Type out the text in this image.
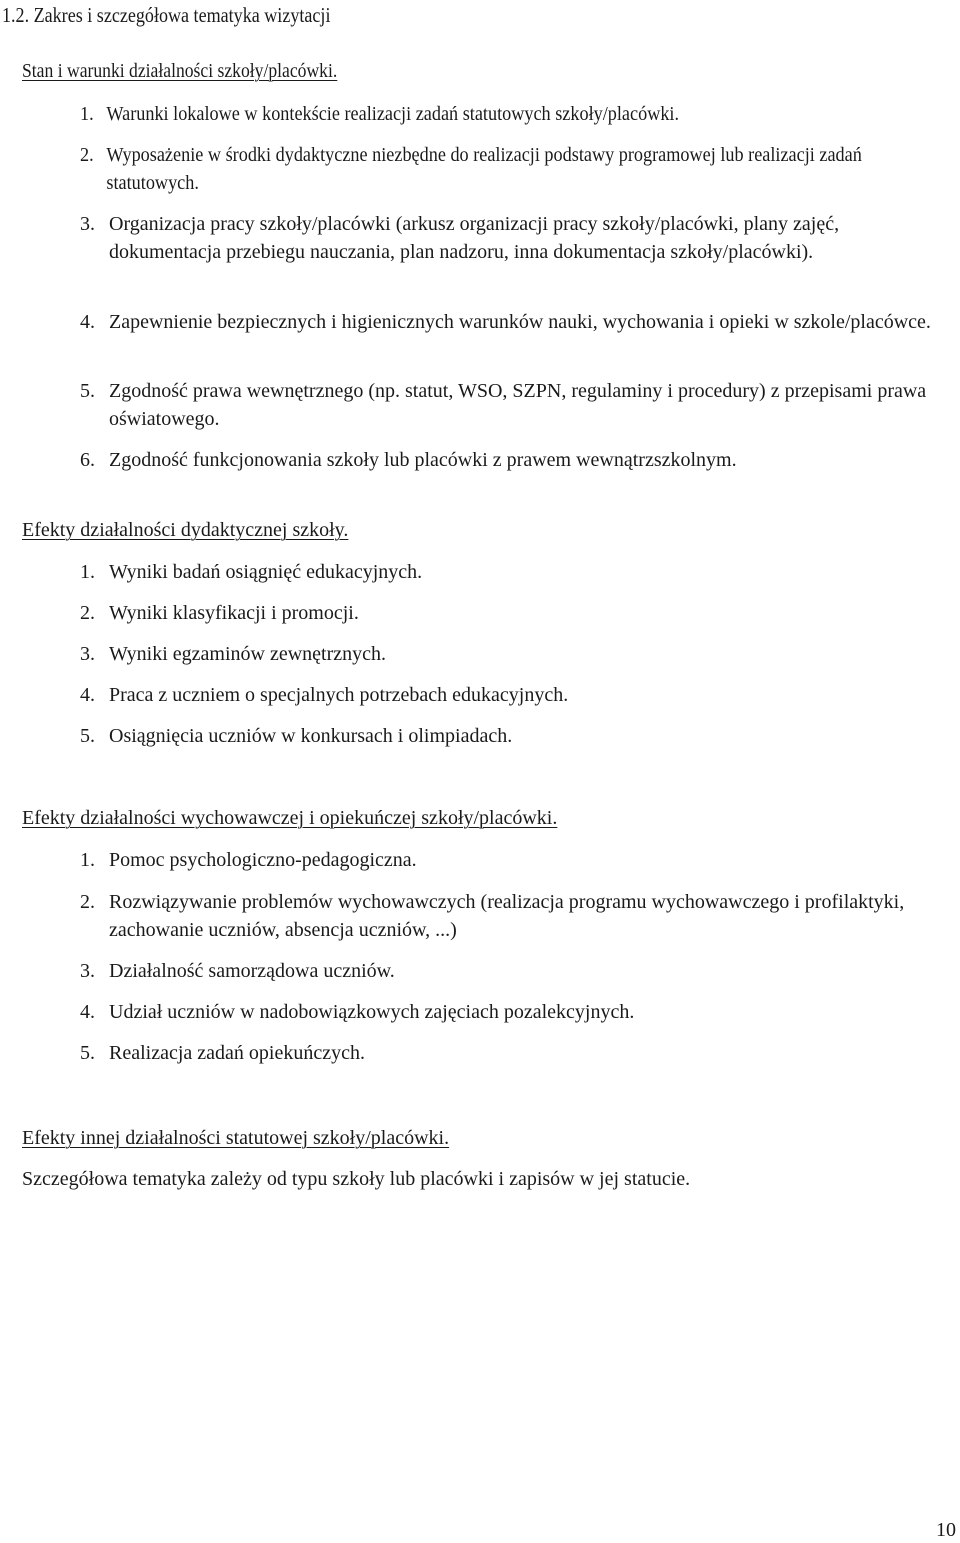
1.2. Zakres i szczegółowa tematyka wizytacji
Stan i warunki działalności szkoły/placówki.
1. Warunki lokalowe w kontekście realizacji zadań statutowych szkoły/placówki.
2. Wyposażenie w środki dydaktyczne niezbędne do realizacji podstawy programowej lub realizacji zadań statutowych.
3. Organizacja pracy szkoły/placówki (arkusz organizacji pracy szkoły/placówki, plany zajęć, dokumentacja przebiegu nauczania, plan nadzoru, inna dokumentacja szkoły/placówki).
4. Zapewnienie bezpiecznych i higienicznych warunków nauki, wychowania i opieki w szkole/placówce.
5. Zgodność prawa wewnętrznego (np. statut, WSO, SZPN, regulaminy i procedury) z przepisami prawa oświatowego.
6. Zgodność funkcjonowania szkoły lub placówki z prawem wewnątrzszkolnym.
Efekty działalności dydaktycznej szkoły.
1. Wyniki badań osiągnięć edukacyjnych.
2. Wyniki klasyfikacji i promocji.
3. Wyniki egzaminów zewnętrznych.
4. Praca z uczniem o specjalnych potrzebach edukacyjnych.
5. Osiągnięcia uczniów w konkursach i olimpiadach.
Efekty działalności wychowawczej i opiekuńczej szkoły/placówki.
1. Pomoc psychologiczno-pedagogiczna.
2. Rozwiązywanie problemów wychowawczych (realizacja programu wychowawczego i profilaktyki, zachowanie uczniów, absencja uczniów, ...)
3. Działalność samorządowa uczniów.
4. Udział uczniów w nadobowiązkowych zajęciach pozalekcyjnych.
5. Realizacja zadań opiekuńczych.
Efekty innej działalności statutowej szkoły/placówki.
Szczegółowa tematyka zależy od typu szkoły lub placówki i zapisów w jej statucie.
10
